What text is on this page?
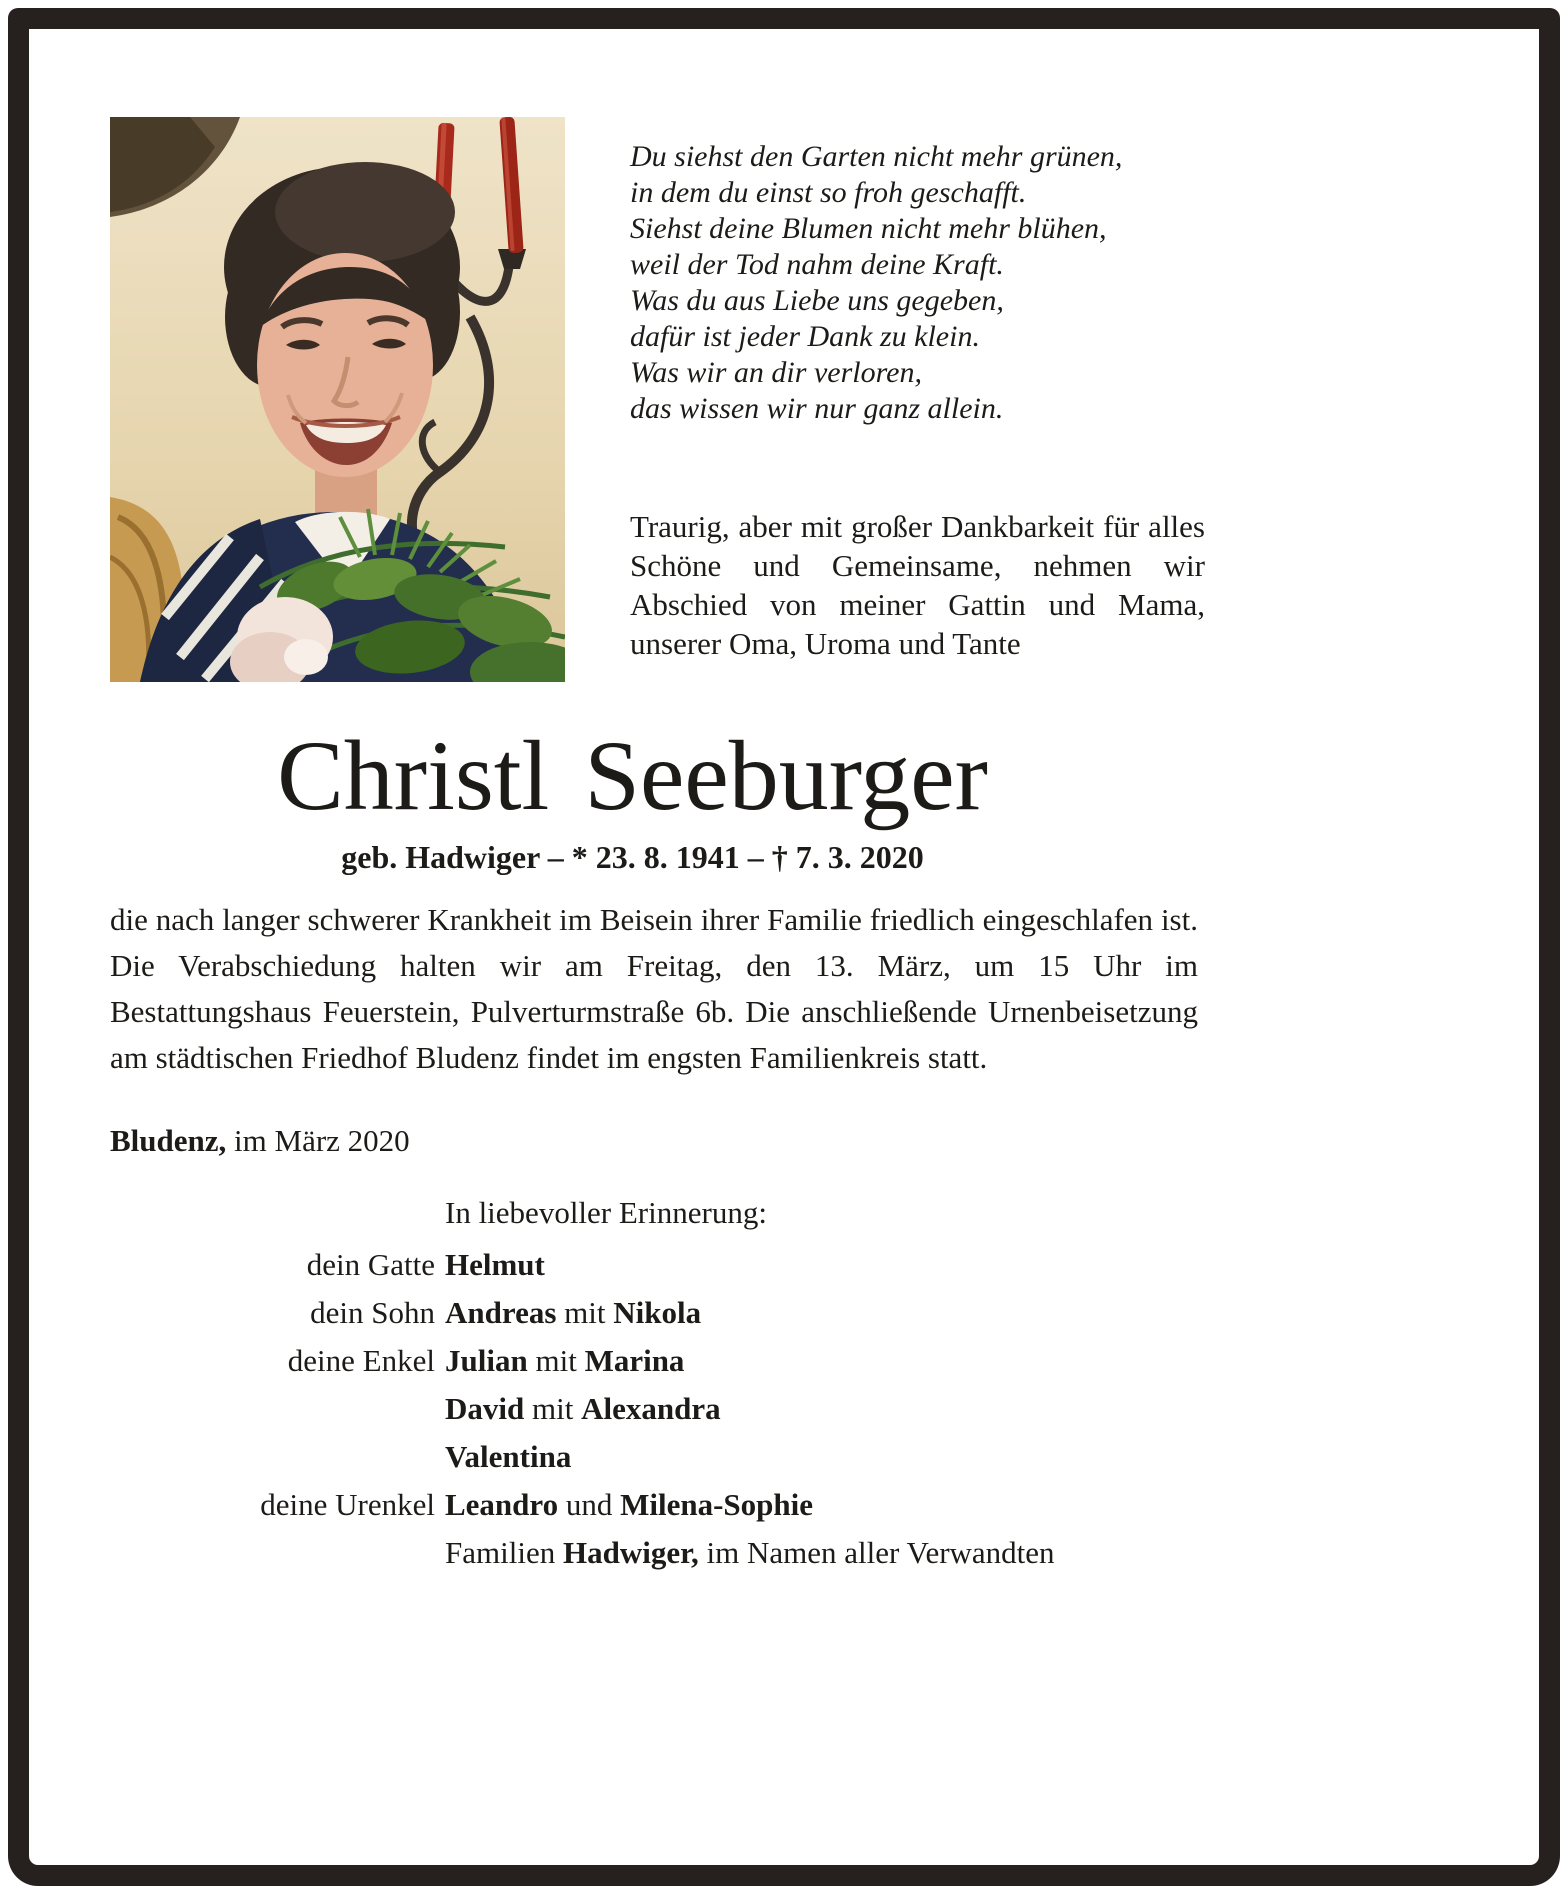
Du siehst den Garten nicht mehr grünen,
in dem du einst so froh geschafft.
Siehst deine Blumen nicht mehr blühen,
weil der Tod nahm deine Kraft.
Was du aus Liebe uns gegeben,
dafür ist jeder Dank zu klein.
Was wir an dir verloren,
das wissen wir nur ganz allein.
Traurig, aber mit großer Dankbarkeit für alles Schöne und Gemeinsame, nehmen wir Abschied von meiner Gattin und Mama, unserer Oma, Uroma und Tante
Christl Seeburger
geb. Hadwiger – * 23. 8. 1941 – † 7. 3. 2020
die nach langer schwerer Krankheit im Beisein ihrer Familie friedlich eingeschlafen ist. Die Verabschiedung halten wir am Freitag, den 13. März, um 15 Uhr im Bestattungshaus Feuerstein, Pulverturmstraße 6b. Die anschließende Urnenbeisetzung am städtischen Friedhof Bludenz findet im engsten Familienkreis statt.
Bludenz, im März 2020
In liebevoller Erinnerung:
dein Gatte Helmut
dein Sohn Andreas mit Nikola
deine Enkel Julian mit Marina
David mit Alexandra
Valentina
deine Urenkel Leandro und Milena-Sophie
Familien Hadwiger, im Namen aller Verwandten
